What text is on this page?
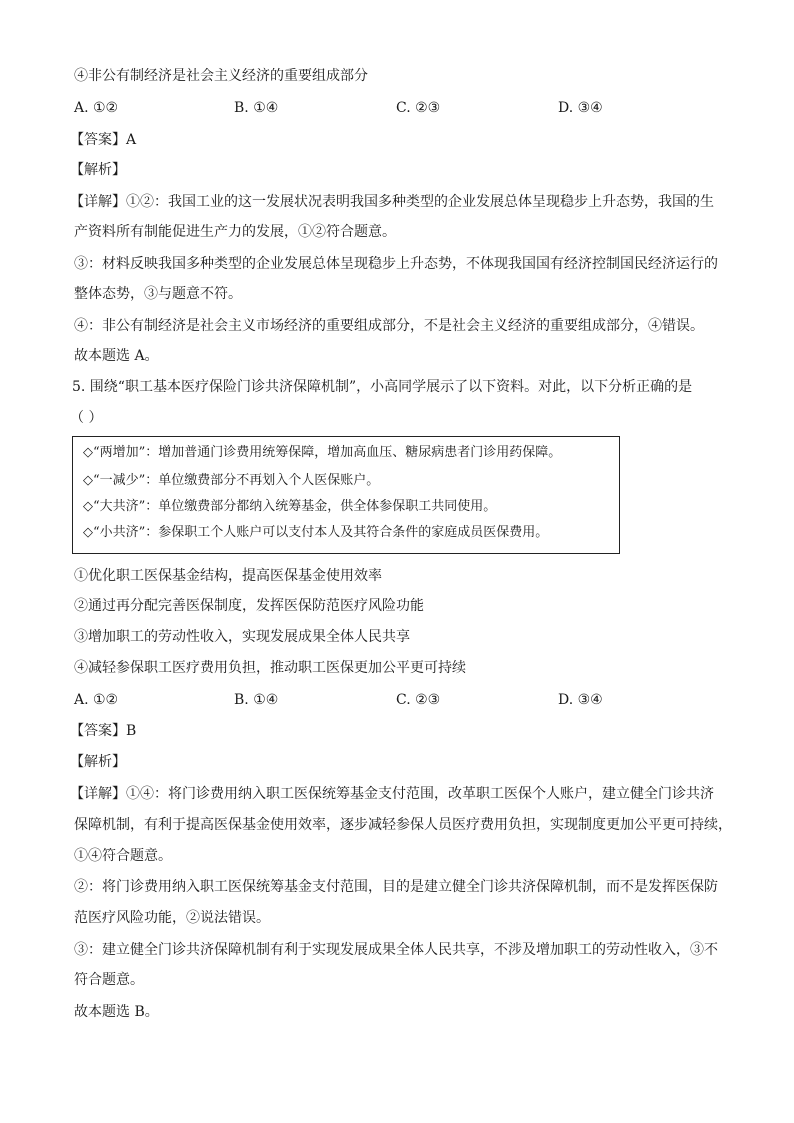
④非公有制经济是社会主义经济的重要组成部分
A. ①②	B. ①④	C. ②③	D. ③④
【答案】A
【解析】
【详解】①②：我国工业的这一发展状况表明我国多种类型的企业发展总体呈现稳步上升态势，我国的生
产资料所有制能促进生产力的发展，①②符合题意。
③：材料反映我国多种类型的企业发展总体呈现稳步上升态势，不体现我国国有经济控制国民经济运行的
整体态势，③与题意不符。
④：非公有制经济是社会主义市场经济的重要组成部分，不是社会主义经济的重要组成部分，④错误。
故本题选 A。
5. 围绕“职工基本医疗保险门诊共济保障机制”，小高同学展示了以下资料。对此，以下分析正确的是
（ ）
◇“两增加”：增加普通门诊费用统筹保障，增加高血压、糖尿病患者门诊用药保障。
◇“一减少”：单位缴费部分不再划入个人医保账户。
◇“大共济”：单位缴费部分都纳入统筹基金，供全体参保职工共同使用。
◇“小共济”：参保职工个人账户可以支付本人及其符合条件的家庭成员医保费用。
①优化职工医保基金结构，提高医保基金使用效率
②通过再分配完善医保制度，发挥医保防范医疗风险功能
③增加职工的劳动性收入，实现发展成果全体人民共享
④减轻参保职工医疗费用负担，推动职工医保更加公平更可持续
A. ①②	B. ①④	C. ②③	D. ③④
【答案】B
【解析】
【详解】①④：将门诊费用纳入职工医保统筹基金支付范围，改革职工医保个人账户，建立健全门诊共济
保障机制，有利于提高医保基金使用效率，逐步减轻参保人员医疗费用负担，实现制度更加公平更可持续，
①④符合题意。
②：将门诊费用纳入职工医保统筹基金支付范围，目的是建立健全门诊共济保障机制，而不是发挥医保防
范医疗风险功能，②说法错误。
③：建立健全门诊共济保障机制有利于实现发展成果全体人民共享，不涉及增加职工的劳动性收入，③不
符合题意。
故本题选 B。
